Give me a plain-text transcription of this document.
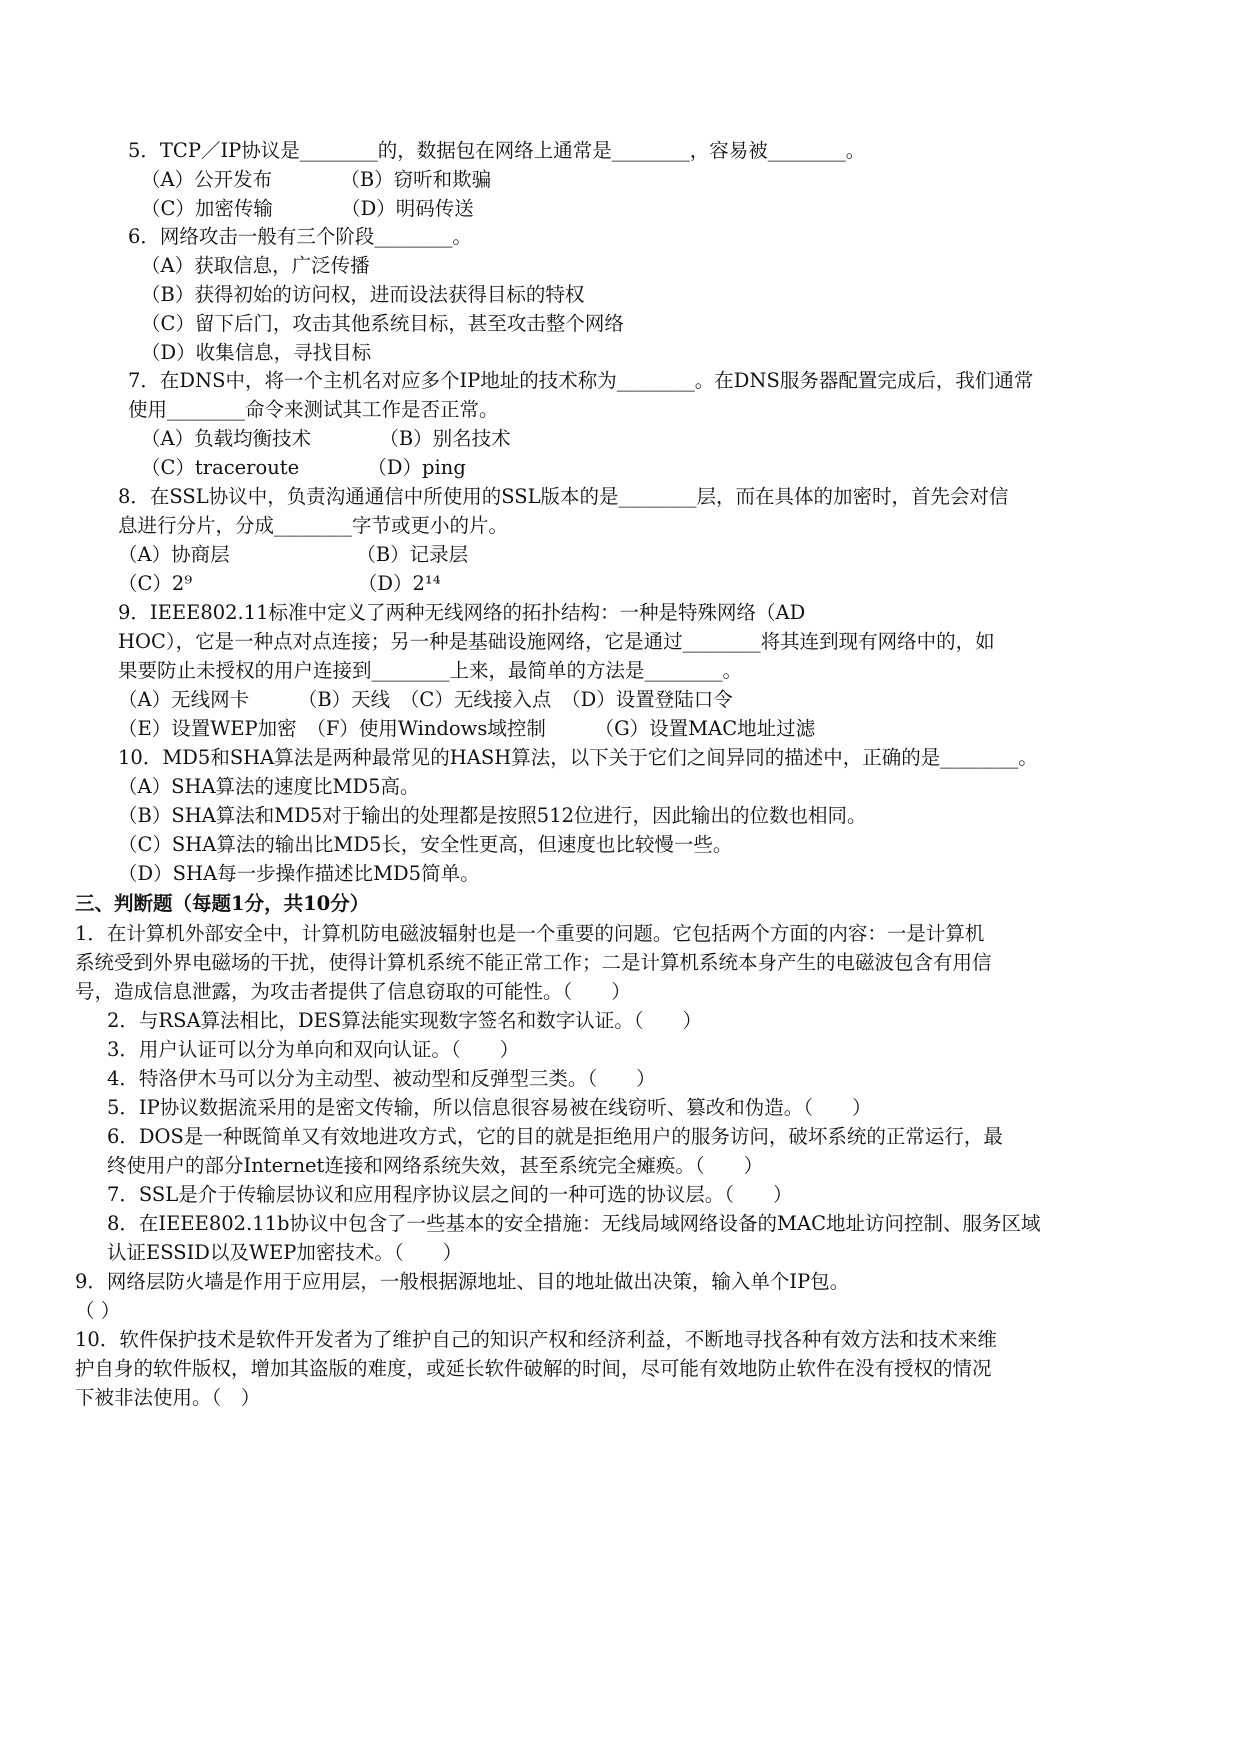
5．TCP／IP协议是________的，数据包在网络上通常是________，容易被________。
（A）公开发布　　　　（B）窃听和欺骗
（C）加密传输　　　　（D）明码传送
6．网络攻击一般有三个阶段________。
（A）获取信息，广泛传播
（B）获得初始的访问权，进而设法获得目标的特权
（C）留下后门，攻击其他系统目标，甚至攻击整个网络
（D）收集信息，寻找目标
7．在DNS中，将一个主机名对应多个IP地址的技术称为________。在DNS服务器配置完成后，我们通常
使用________命令来测试其工作是否正常。
（A）负载均衡技术　　　　（B）别名技术
（C）traceroute　　　　（D）ping
8．在SSL协议中，负责沟通通信中所使用的SSL版本的是________层，而在具体的加密时，首先会对信
息进行分片，分成________字节或更小的片。
（A）协商层　　　　　　　（B）记录层
（C）2⁹　　　　　　　　　（D）2¹⁴
9．IEEE802.11标准中定义了两种无线网络的拓扑结构：一种是特殊网络（AD
HOC），它是一种点对点连接；另一种是基础设施网络，它是通过________将其连到现有网络中的，如
果要防止未授权的用户连接到________上来，最简单的方法是________。
（A）无线网卡　　　（B）天线　（C）无线接入点　（D）设置登陆口令
（E）设置WEP加密　（F）使用Windows域控制　　　（G）设置MAC地址过滤
10．MD5和SHA算法是两种最常见的HASH算法，以下关于它们之间异同的描述中，正确的是________。
（A）SHA算法的速度比MD5高。
（B）SHA算法和MD5对于输出的处理都是按照512位进行，因此输出的位数也相同。
（C）SHA算法的输出比MD5长，安全性更高，但速度也比较慢一些。
（D）SHA每一步操作描述比MD5简单。
三、判断题（每题1分，共10分）
1．在计算机外部安全中，计算机防电磁波辐射也是一个重要的问题。它包括两个方面的内容：一是计算机
系统受到外界电磁场的干扰，使得计算机系统不能正常工作；二是计算机系统本身产生的电磁波包含有用信
号，造成信息泄露，为攻击者提供了信息窃取的可能性。（　　）
2．与RSA算法相比，DES算法能实现数字签名和数字认证。（　　）
3．用户认证可以分为单向和双向认证。（　　）
4．特洛伊木马可以分为主动型、被动型和反弹型三类。（　　）
5．IP协议数据流采用的是密文传输，所以信息很容易被在线窃听、篡改和伪造。（　　）
6．DOS是一种既简单又有效地进攻方式，它的目的就是拒绝用户的服务访问，破坏系统的正常运行，最
终使用户的部分Internet连接和网络系统失效，甚至系统完全瘫痪。（　　）
7．SSL是介于传输层协议和应用程序协议层之间的一种可选的协议层。（　　）
8．在IEEE802.11b协议中包含了一些基本的安全措施：无线局域网络设备的MAC地址访问控制、服务区域
认证ESSID以及WEP加密技术。（　　）
9．网络层防火墙是作用于应用层，一般根据源地址、目的地址做出决策，输入单个IP包。
（ ）
10．软件保护技术是软件开发者为了维护自己的知识产权和经济利益，不断地寻找各种有效方法和技术来维
护自身的软件版权，增加其盗版的难度，或延长软件破解的时间，尽可能有效地防止软件在没有授权的情况
下被非法使用。（　）
